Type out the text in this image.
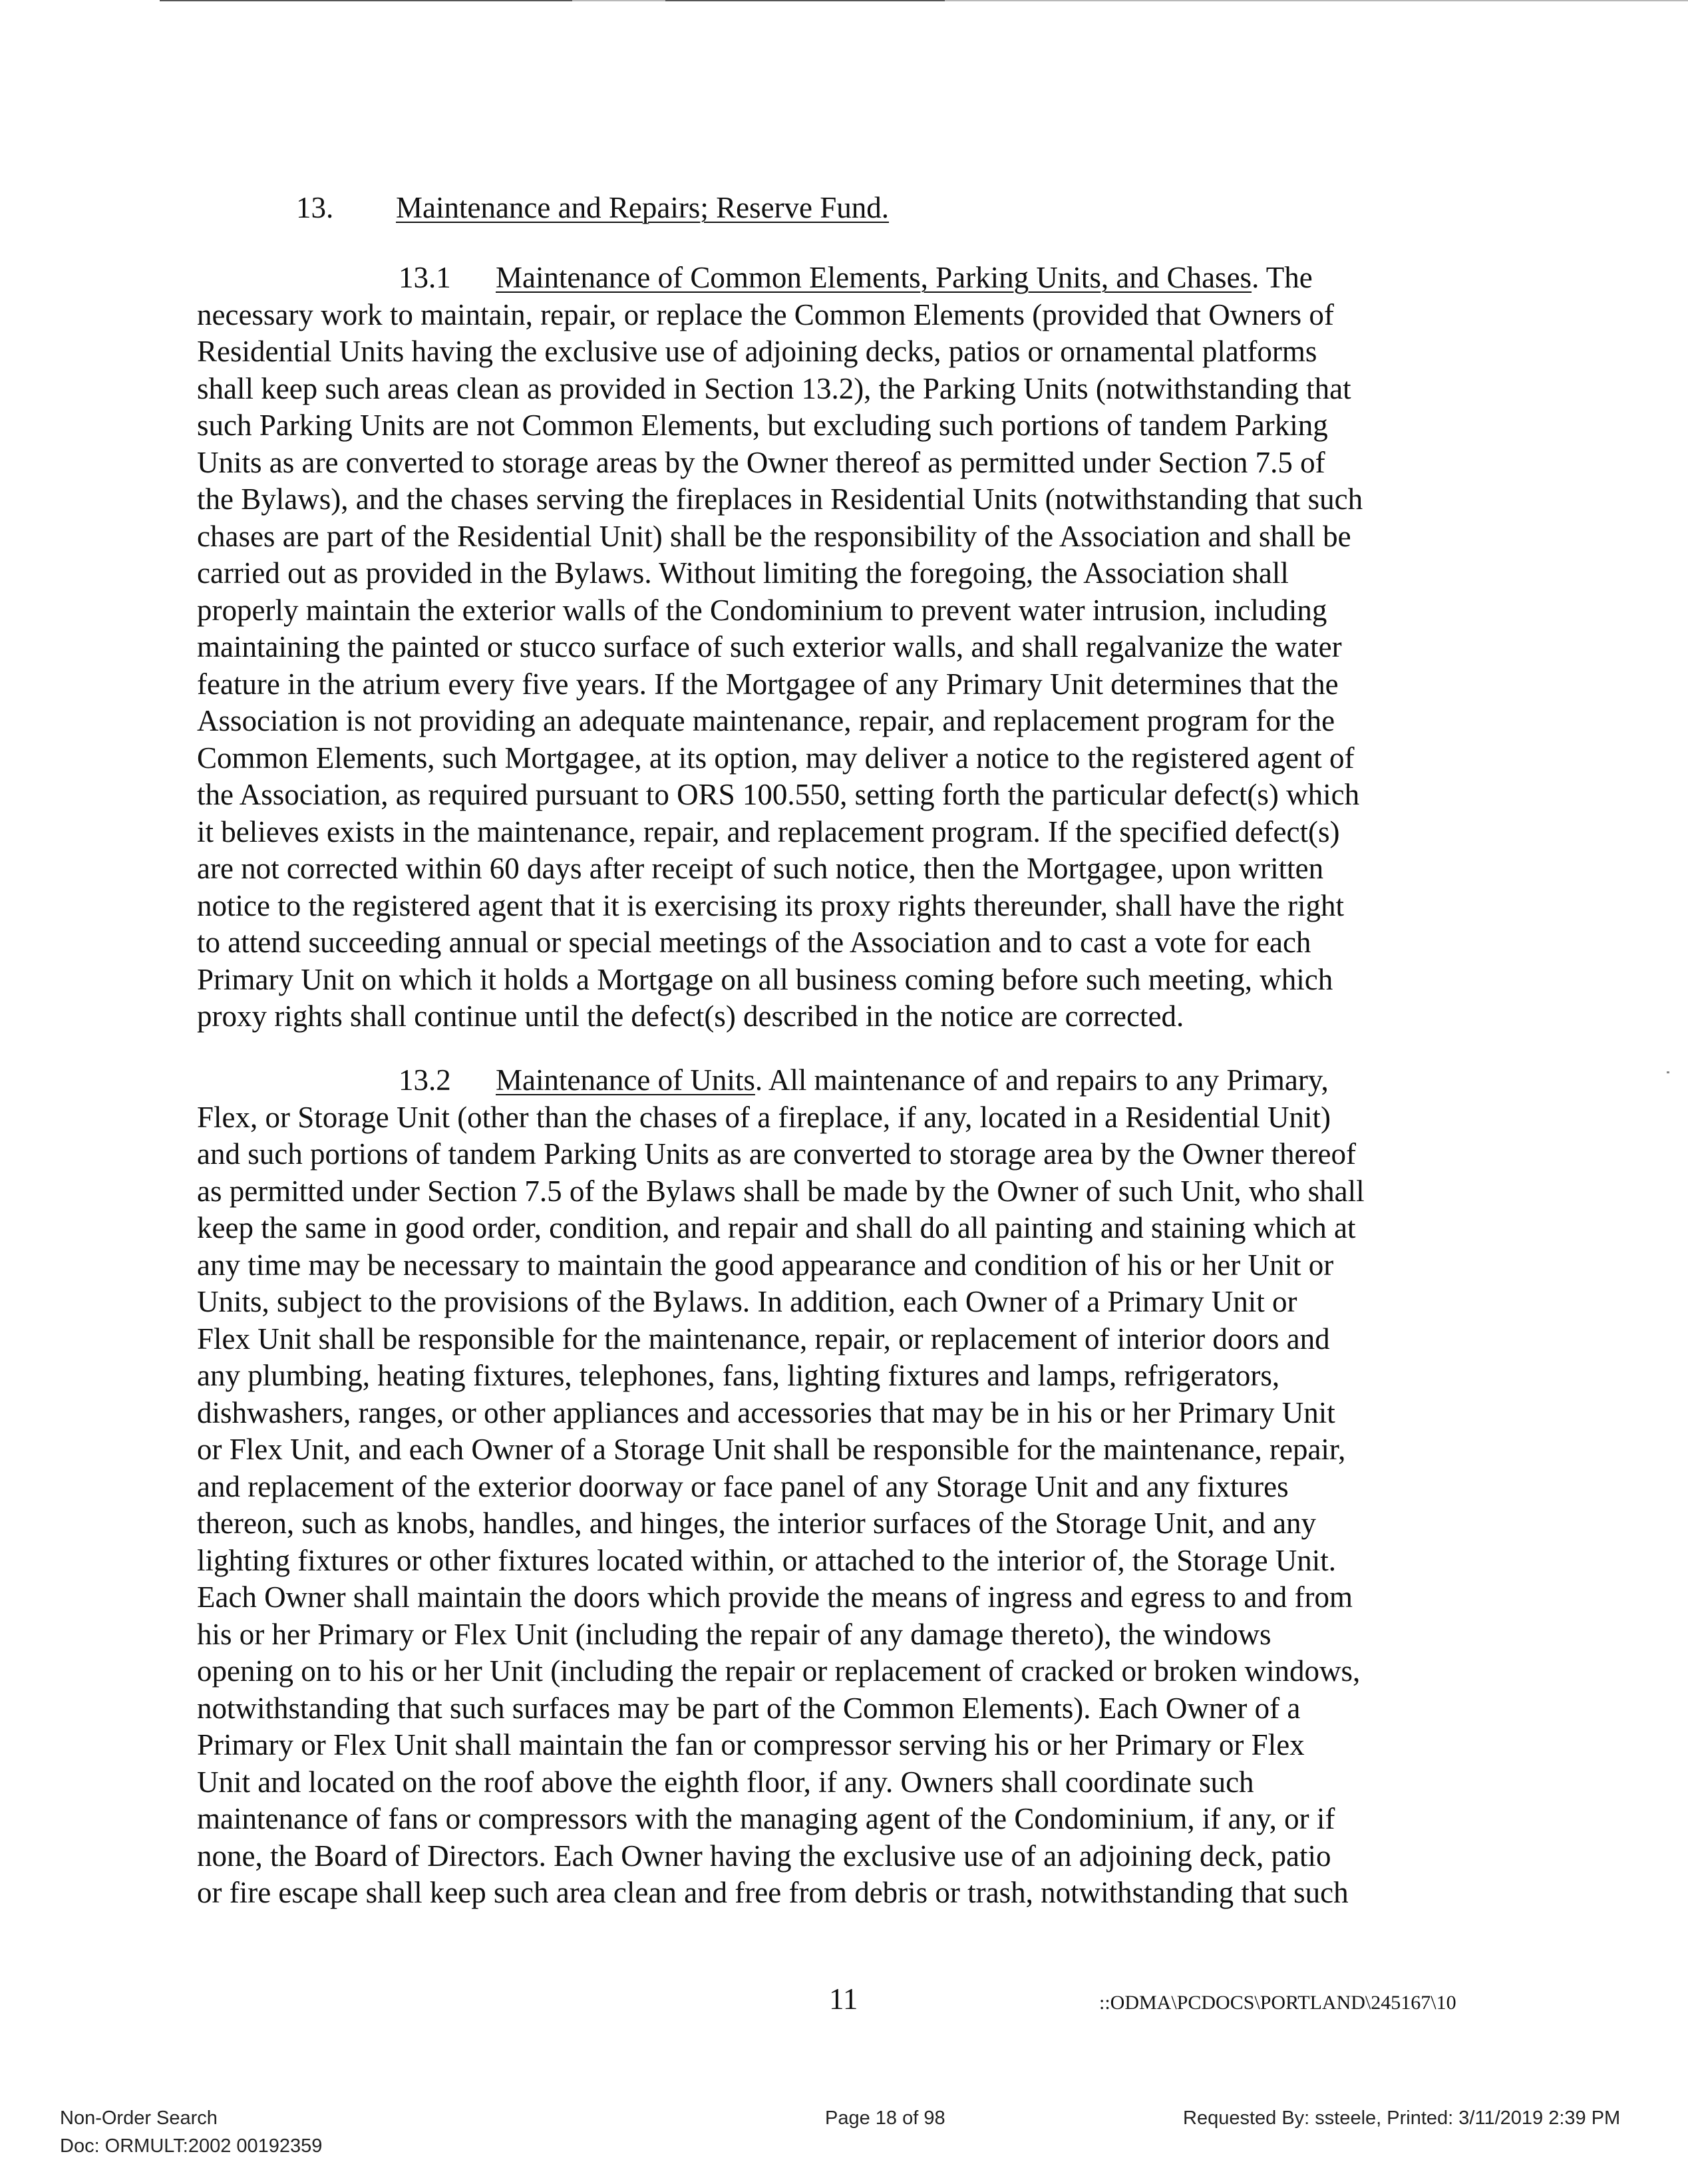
13. Maintenance and Repairs; Reserve Fund.
13.1 Maintenance of Common Elements, Parking Units, and Chases. The
necessary work to maintain, repair, or replace the Common Elements (provided that Owners of
Residential Units having the exclusive use of adjoining decks, patios or ornamental platforms
shall keep such areas clean as provided in Section 13.2), the Parking Units (notwithstanding that
such Parking Units are not Common Elements, but excluding such portions of tandem Parking
Units as are converted to storage areas by the Owner thereof as permitted under Section 7.5 of
the Bylaws), and the chases serving the fireplaces in Residential Units (notwithstanding that such
chases are part of the Residential Unit) shall be the responsibility of the Association and shall be
carried out as provided in the Bylaws. Without limiting the foregoing, the Association shall
properly maintain the exterior walls of the Condominium to prevent water intrusion, including
maintaining the painted or stucco surface of such exterior walls, and shall regalvanize the water
feature in the atrium every five years. If the Mortgagee of any Primary Unit determines that the
Association is not providing an adequate maintenance, repair, and replacement program for the
Common Elements, such Mortgagee, at its option, may deliver a notice to the registered agent of
the Association, as required pursuant to ORS 100.550, setting forth the particular defect(s) which
it believes exists in the maintenance, repair, and replacement program. If the specified defect(s)
are not corrected within 60 days after receipt of such notice, then the Mortgagee, upon written
notice to the registered agent that it is exercising its proxy rights thereunder, shall have the right
to attend succeeding annual or special meetings of the Association and to cast a vote for each
Primary Unit on which it holds a Mortgage on all business coming before such meeting, which
proxy rights shall continue until the defect(s) described in the notice are corrected.
13.2 Maintenance of Units. All maintenance of and repairs to any Primary,
Flex, or Storage Unit (other than the chases of a fireplace, if any, located in a Residential Unit)
and such portions of tandem Parking Units as are converted to storage area by the Owner thereof
as permitted under Section 7.5 of the Bylaws shall be made by the Owner of such Unit, who shall
keep the same in good order, condition, and repair and shall do all painting and staining which at
any time may be necessary to maintain the good appearance and condition of his or her Unit or
Units, subject to the provisions of the Bylaws. In addition, each Owner of a Primary Unit or
Flex Unit shall be responsible for the maintenance, repair, or replacement of interior doors and
any plumbing, heating fixtures, telephones, fans, lighting fixtures and lamps, refrigerators,
dishwashers, ranges, or other appliances and accessories that may be in his or her Primary Unit
or Flex Unit, and each Owner of a Storage Unit shall be responsible for the maintenance, repair,
and replacement of the exterior doorway or face panel of any Storage Unit and any fixtures
thereon, such as knobs, handles, and hinges, the interior surfaces of the Storage Unit, and any
lighting fixtures or other fixtures located within, or attached to the interior of, the Storage Unit.
Each Owner shall maintain the doors which provide the means of ingress and egress to and from
his or her Primary or Flex Unit (including the repair of any damage thereto), the windows
opening on to his or her Unit (including the repair or replacement of cracked or broken windows,
notwithstanding that such surfaces may be part of the Common Elements). Each Owner of a
Primary or Flex Unit shall maintain the fan or compressor serving his or her Primary or Flex
Unit and located on the roof above the eighth floor, if any. Owners shall coordinate such
maintenance of fans or compressors with the managing agent of the Condominium, if any, or if
none, the Board of Directors. Each Owner having the exclusive use of an adjoining deck, patio
or fire escape shall keep such area clean and free from debris or trash, notwithstanding that such
11	::ODMA\PCDOCS\PORTLAND\245167\10
Non-Order Search
Doc: ORMULT:2002 00192359
Page 18 of 98	Requested By: ssteele, Printed: 3/11/2019 2:39 PM
